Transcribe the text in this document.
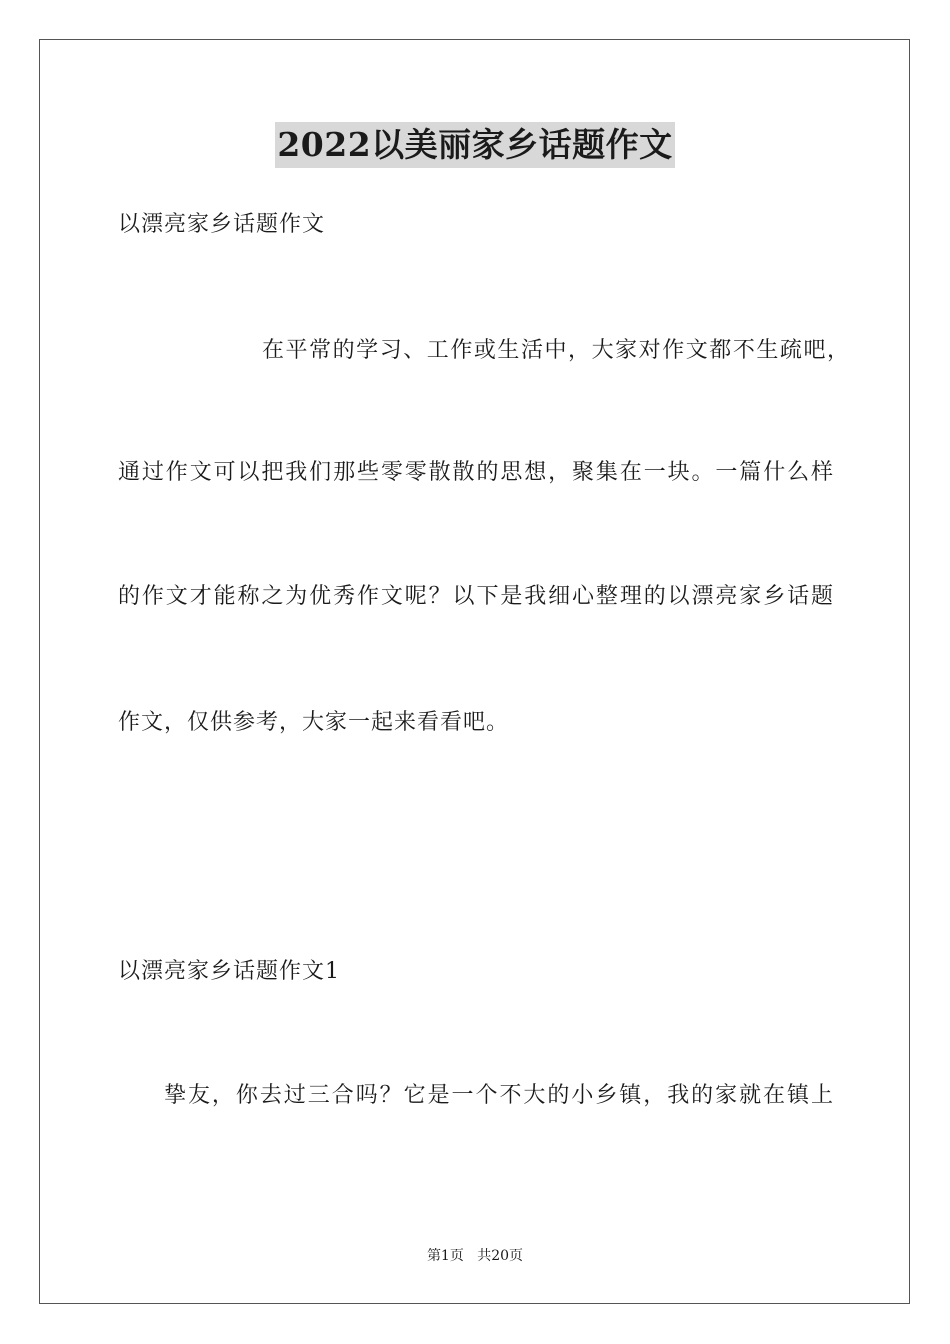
2022以美丽家乡话题作文
以漂亮家乡话题作文
在平常的学习、工作或生活中，大家对作文都不生疏吧，
通过作文可以把我们那些零零散散的思想，聚集在一块。一篇什么样
的作文才能称之为优秀作文呢？以下是我细心整理的以漂亮家乡话题
作文，仅供参考，大家一起来看看吧。
以漂亮家乡话题作文1
挚友，你去过三合吗？它是一个不大的小乡镇，我的家就在镇上
第1页 共20页
